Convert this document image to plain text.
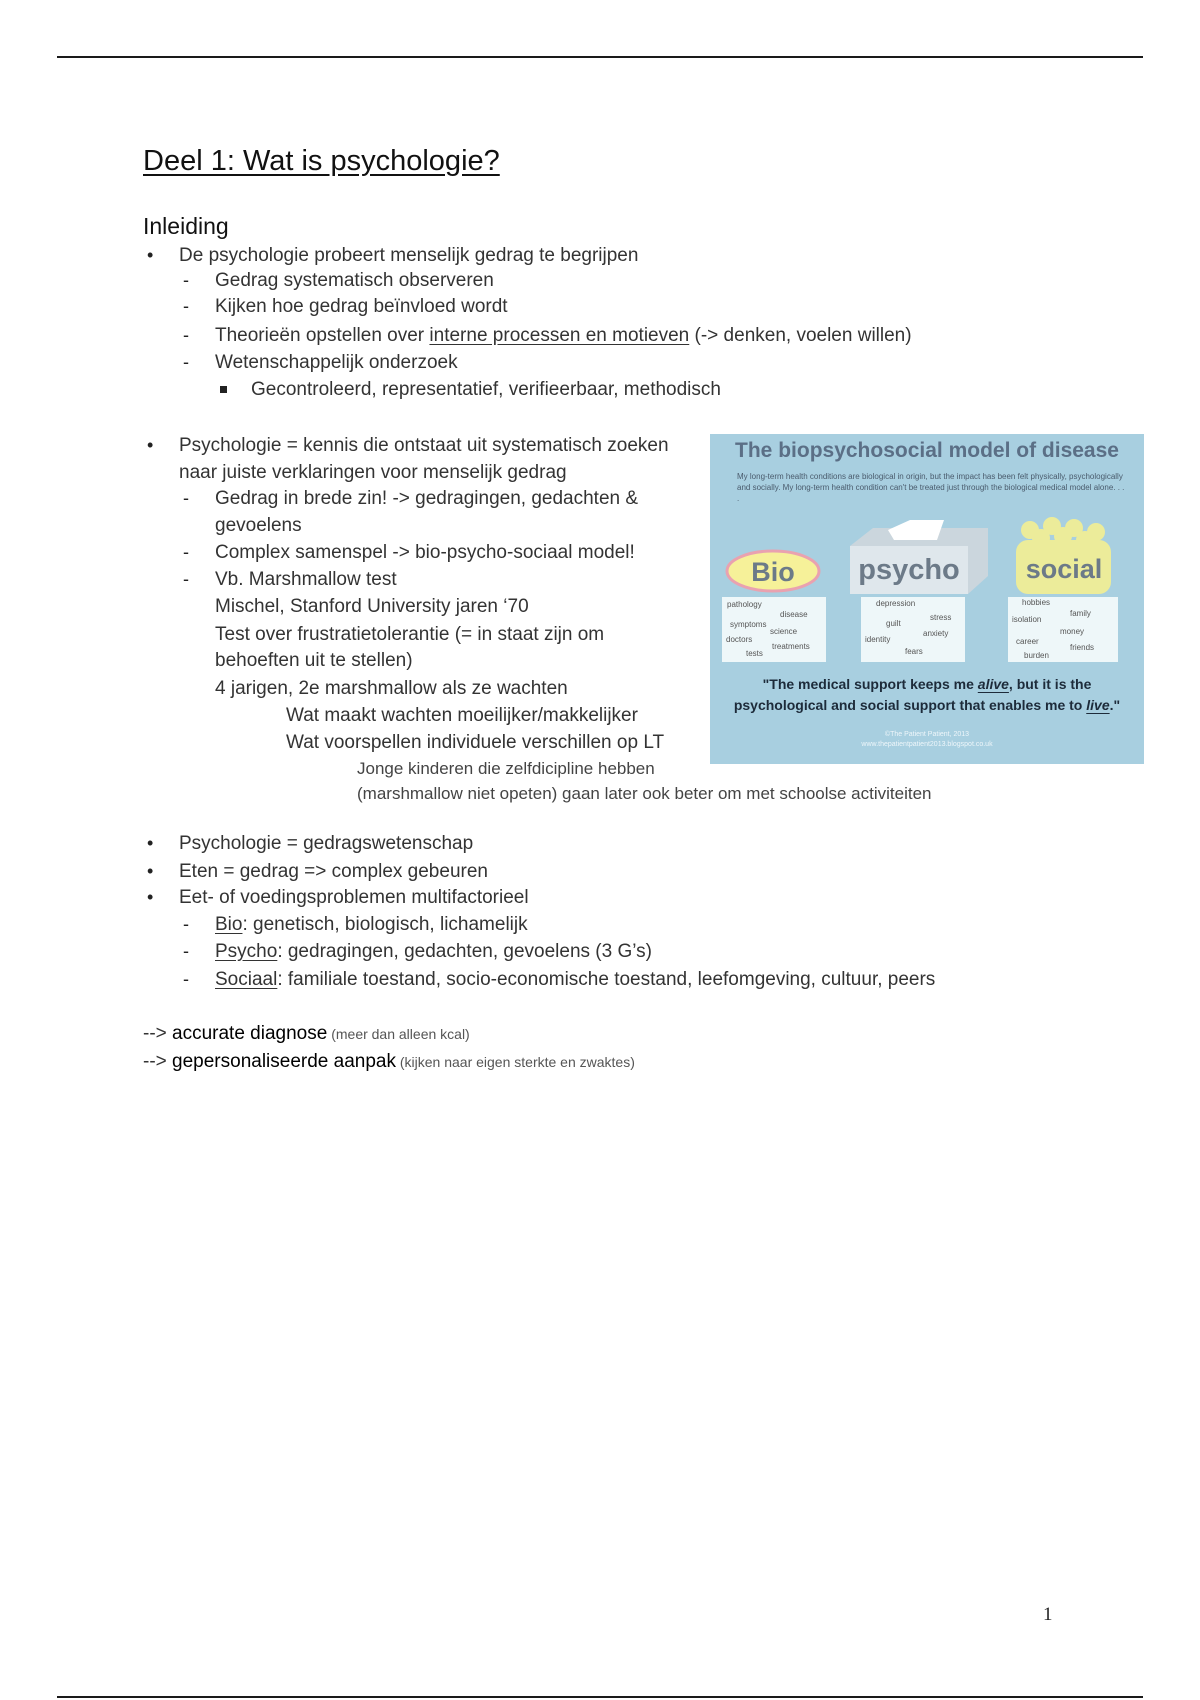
Deel 1: Wat is psychologie?
Inleiding
• De psychologie probeert menselijk gedrag te begrijpen
- Gedrag systematisch observeren
- Kijken hoe gedrag beïnvloed wordt
- Theorieën opstellen over interne processen en motieven (-> denken, voelen willen)
- Wetenschappelijk onderzoek
Gecontroleerd, representatief, verifieerbaar, methodisch
• Psychologie = kennis die ontstaat uit systematisch zoeken
naar juiste verklaringen voor menselijk gedrag
- Gedrag in brede zin! -> gedragingen, gedachten &
gevoelens
- Complex samenspel -> bio-psycho-sociaal model!
- Vb. Marshmallow test
Mischel, Stanford University jaren ‘70
Test over frustratietolerantie (= in staat zijn om
behoeften uit te stellen)
4 jarigen, 2e marshmallow als ze wachten
Wat maakt wachten moeilijker/makkelijker
Wat voorspellen individuele verschillen op LT
Jonge kinderen die zelfdicipline hebben
(marshmallow niet opeten) gaan later ook beter om met schoolse activiteiten
The biopsychosocial model of disease
My long-term health conditions are biological in origin, but the impact has been felt physically, psychologically and socially. My long-term health condition can't be treated just through the biological medical model alone. . . .
Bio psycho social
pathology
disease
symptoms
science
doctors
treatments
tests
depression
stress
guilt
anxiety
identity
fears
hobbies
family
isolation
money
career
friends
burden
"The medical support keeps me alive, but it is the
psychological and social support that enables me to live."
©The Patient Patient, 2013
www.thepatientpatient2013.blogspot.co.uk
• Psychologie = gedragswetenschap
• Eten = gedrag => complex gebeuren
• Eet- of voedingsproblemen multifactorieel
- Bio: genetisch, biologisch, lichamelijk
- Psycho: gedragingen, gedachten, gevoelens (3 G’s)
- Sociaal: familiale toestand, socio-economische toestand, leefomgeving, cultuur, peers
--> accurate diagnose (meer dan alleen kcal)
--> gepersonaliseerde aanpak (kijken naar eigen sterkte en zwaktes)
1
